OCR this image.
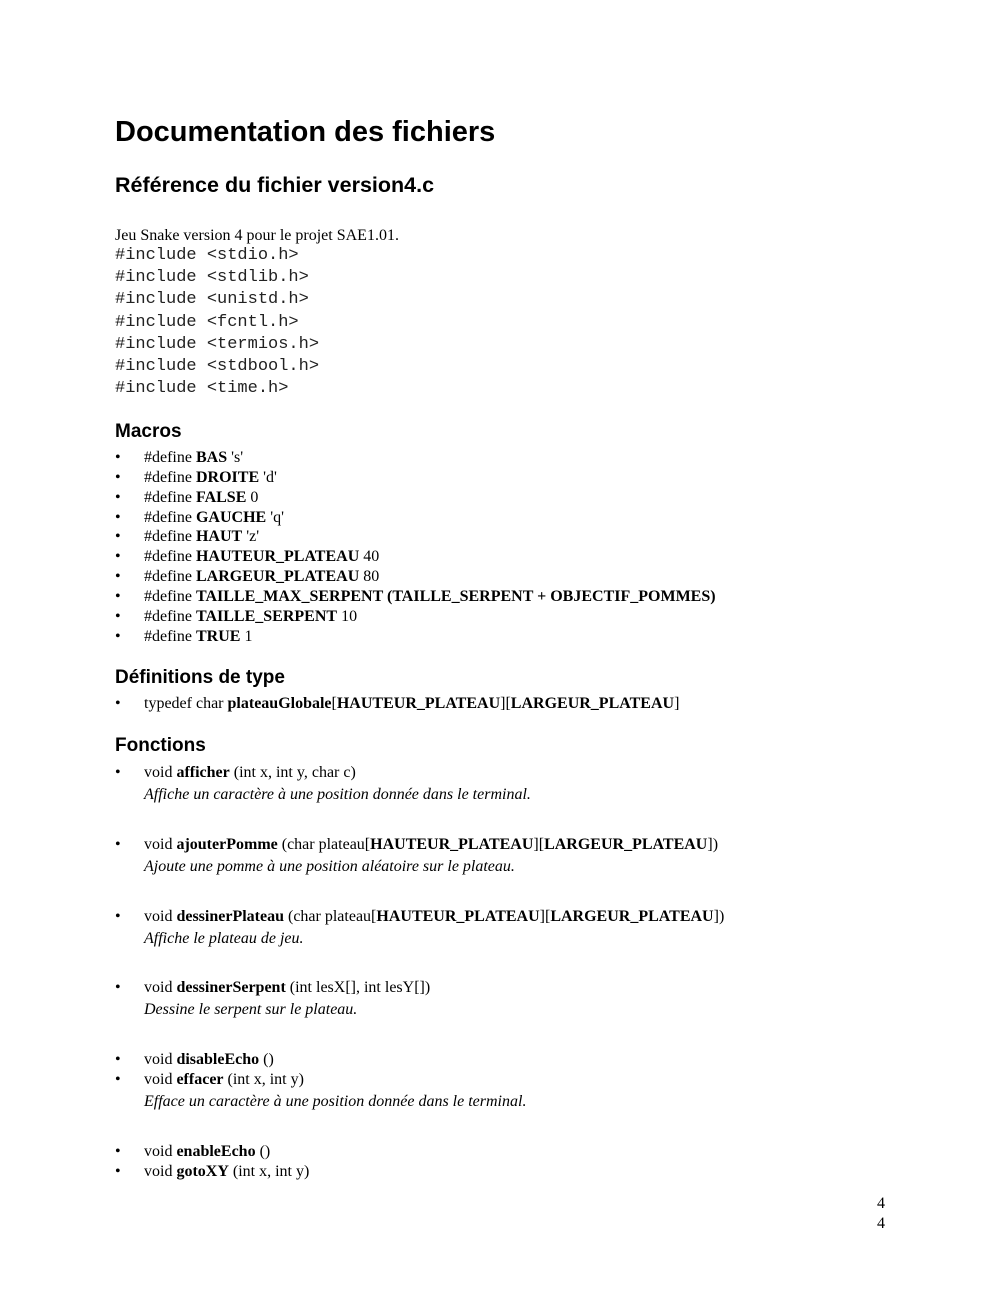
Documentation des fichiers
Référence du fichier version4.c

Jeu Snake version 4 pour le projet SAE1.01.

#include <stdio.h>
#include <stdlib.h>
#include <unistd.h>
#include <fcntl.h>
#include <termios.h>
#include <stdbool.h>
#include <time.h>
Macros
• #define BAS 's'
• #define DROITE 'd'
• #define FALSE 0
• #define GAUCHE 'q'
• #define HAUT 'z'
• #define HAUTEUR_PLATEAU 40
• #define LARGEUR_PLATEAU 80
• #define TAILLE_MAX_SERPENT (TAILLE_SERPENT + OBJECTIF_POMMES)
• #define TAILLE_SERPENT 10
• #define TRUE 1
Définitions de type
• typedef char plateauGlobale[HAUTEUR_PLATEAU][LARGEUR_PLATEAU]
Fonctions
• void afficher (int x, int y, char c)
Affiche un caractère à une position donnée dans le terminal.
• void ajouterPomme (char plateau[HAUTEUR_PLATEAU][LARGEUR_PLATEAU])
Ajoute une pomme à une position aléatoire sur le plateau.
• void dessinerPlateau (char plateau[HAUTEUR_PLATEAU][LARGEUR_PLATEAU])
Affiche le plateau de jeu.
• void dessinerSerpent (int lesX[], int lesY[])
Dessine le serpent sur le plateau.
• void disableEcho ()
• void effacer (int x, int y)
Efface un caractère à une position donnée dans le terminal.
• void enableEcho ()
• void gotoXY (int x, int y)
4
4
